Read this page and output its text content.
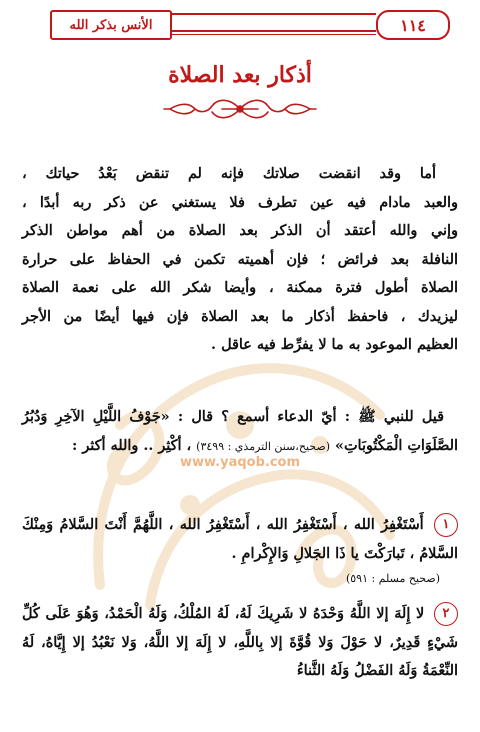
الأنس بذكر الله	١١٤
أذكار بعد الصلاة
www.yaqob.com
أما وقد انقضت صلاتك فإنه لم تنقض بَعْدُ حياتك ،
والعبد مادام فيه عين تطرف فلا يستغني عن ذكر ربه أبدًا ،
وإني والله أعتقد أن الذكر بعد الصلاة من أهم مواطن الذكر
النافلة بعد فرائض ؛ فإن أهميته تكمن في الحفاظ على حرارة
الصلاة أطول فترة ممكنة ، وأيضا شكر الله على نعمة الصلاة
ليزيدك ، فاحفظ أذكار ما بعد الصلاة فإن فيها أيضًا من الأجر
العظيم الموعود به ما لا يفرِّط فيه عاقل .
قيل للنبي ﷺ : أيّ الدعاء أسمع ؟ قال : «جَوْفُ اللَّيْلِ الآخِرِ وَدُبُرُ الصَّلَوَاتِ الْمَكْتُوبَاتِ» (صحيح،سنن الترمذي : ٣٤٩٩) ، أكْثِر .. والله أكثر :
١ أَسْتَغْفِرُ الله ، أَسْتَغْفِرُ الله ، أَسْتَغْفِرُ الله ، اللَّهُمَّ أَنْتَ السَّلامُ وَمِنْكَ السَّلامُ ، تَبارَكْتَ يا ذَا الجَلالِ وَالإِكْرامِ .
(صحيح مسلم : ٥٩١)
٢ لا إِلَهَ إلا اللَّهُ وَحْدَهُ لا شَرِيكَ لَهُ، لَهُ المُلْكُ، وَلَهُ الْحَمْدُ، وَهُوَ عَلَى كُلِّ شَيْءٍ قَدِيرٌ، لا حَوْلَ وَلا قُوَّةَ إلا بِاللَّهِ، لا إِلَهَ إلا اللَّهُ، وَلا نَعْبُدُ إلا إِيَّاهُ، لَهُ النِّعْمَةُ وَلَهُ الفَضْلُ وَلَهُ الثَّناءُ
